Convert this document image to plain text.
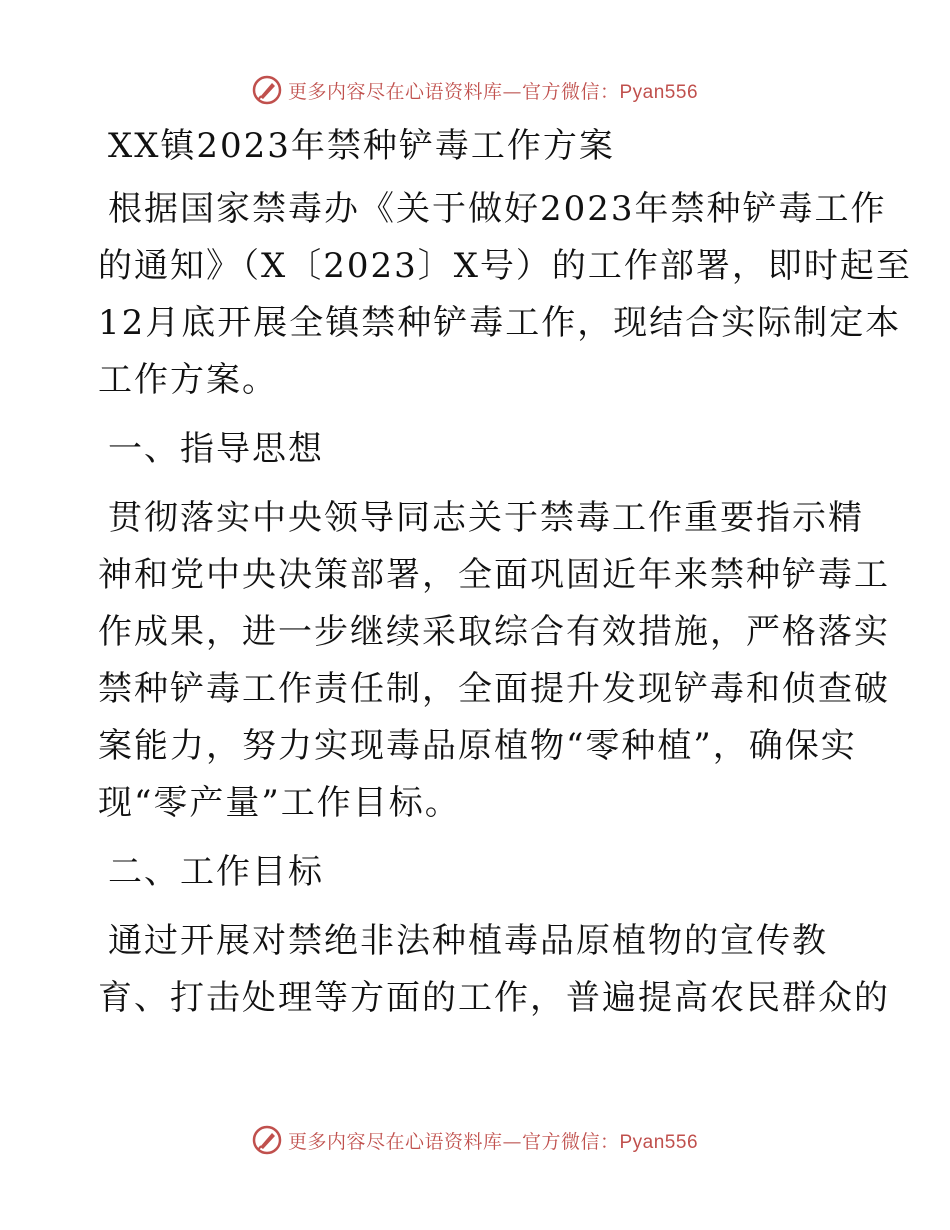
更多内容尽在心语资料库—官方微信：Pyan556
XX镇2023年禁种铲毒工作方案
根据国家禁毒办《关于做好2023年禁种铲毒工作
的通知》（X〔2023〕X号）的工作部署，即时起至
12月底开展全镇禁种铲毒工作，现结合实际制定本
工作方案。
一、指导思想
贯彻落实中央领导同志关于禁毒工作重要指示精
神和党中央决策部署，全面巩固近年来禁种铲毒工
作成果，进一步继续采取综合有效措施，严格落实
禁种铲毒工作责任制，全面提升发现铲毒和侦查破
案能力，努力实现毒品原植物“零种植”，确保实
现“零产量”工作目标。
二、工作目标
通过开展对禁绝非法种植毒品原植物的宣传教
育、打击处理等方面的工作，普遍提高农民群众的
更多内容尽在心语资料库—官方微信：Pyan556
